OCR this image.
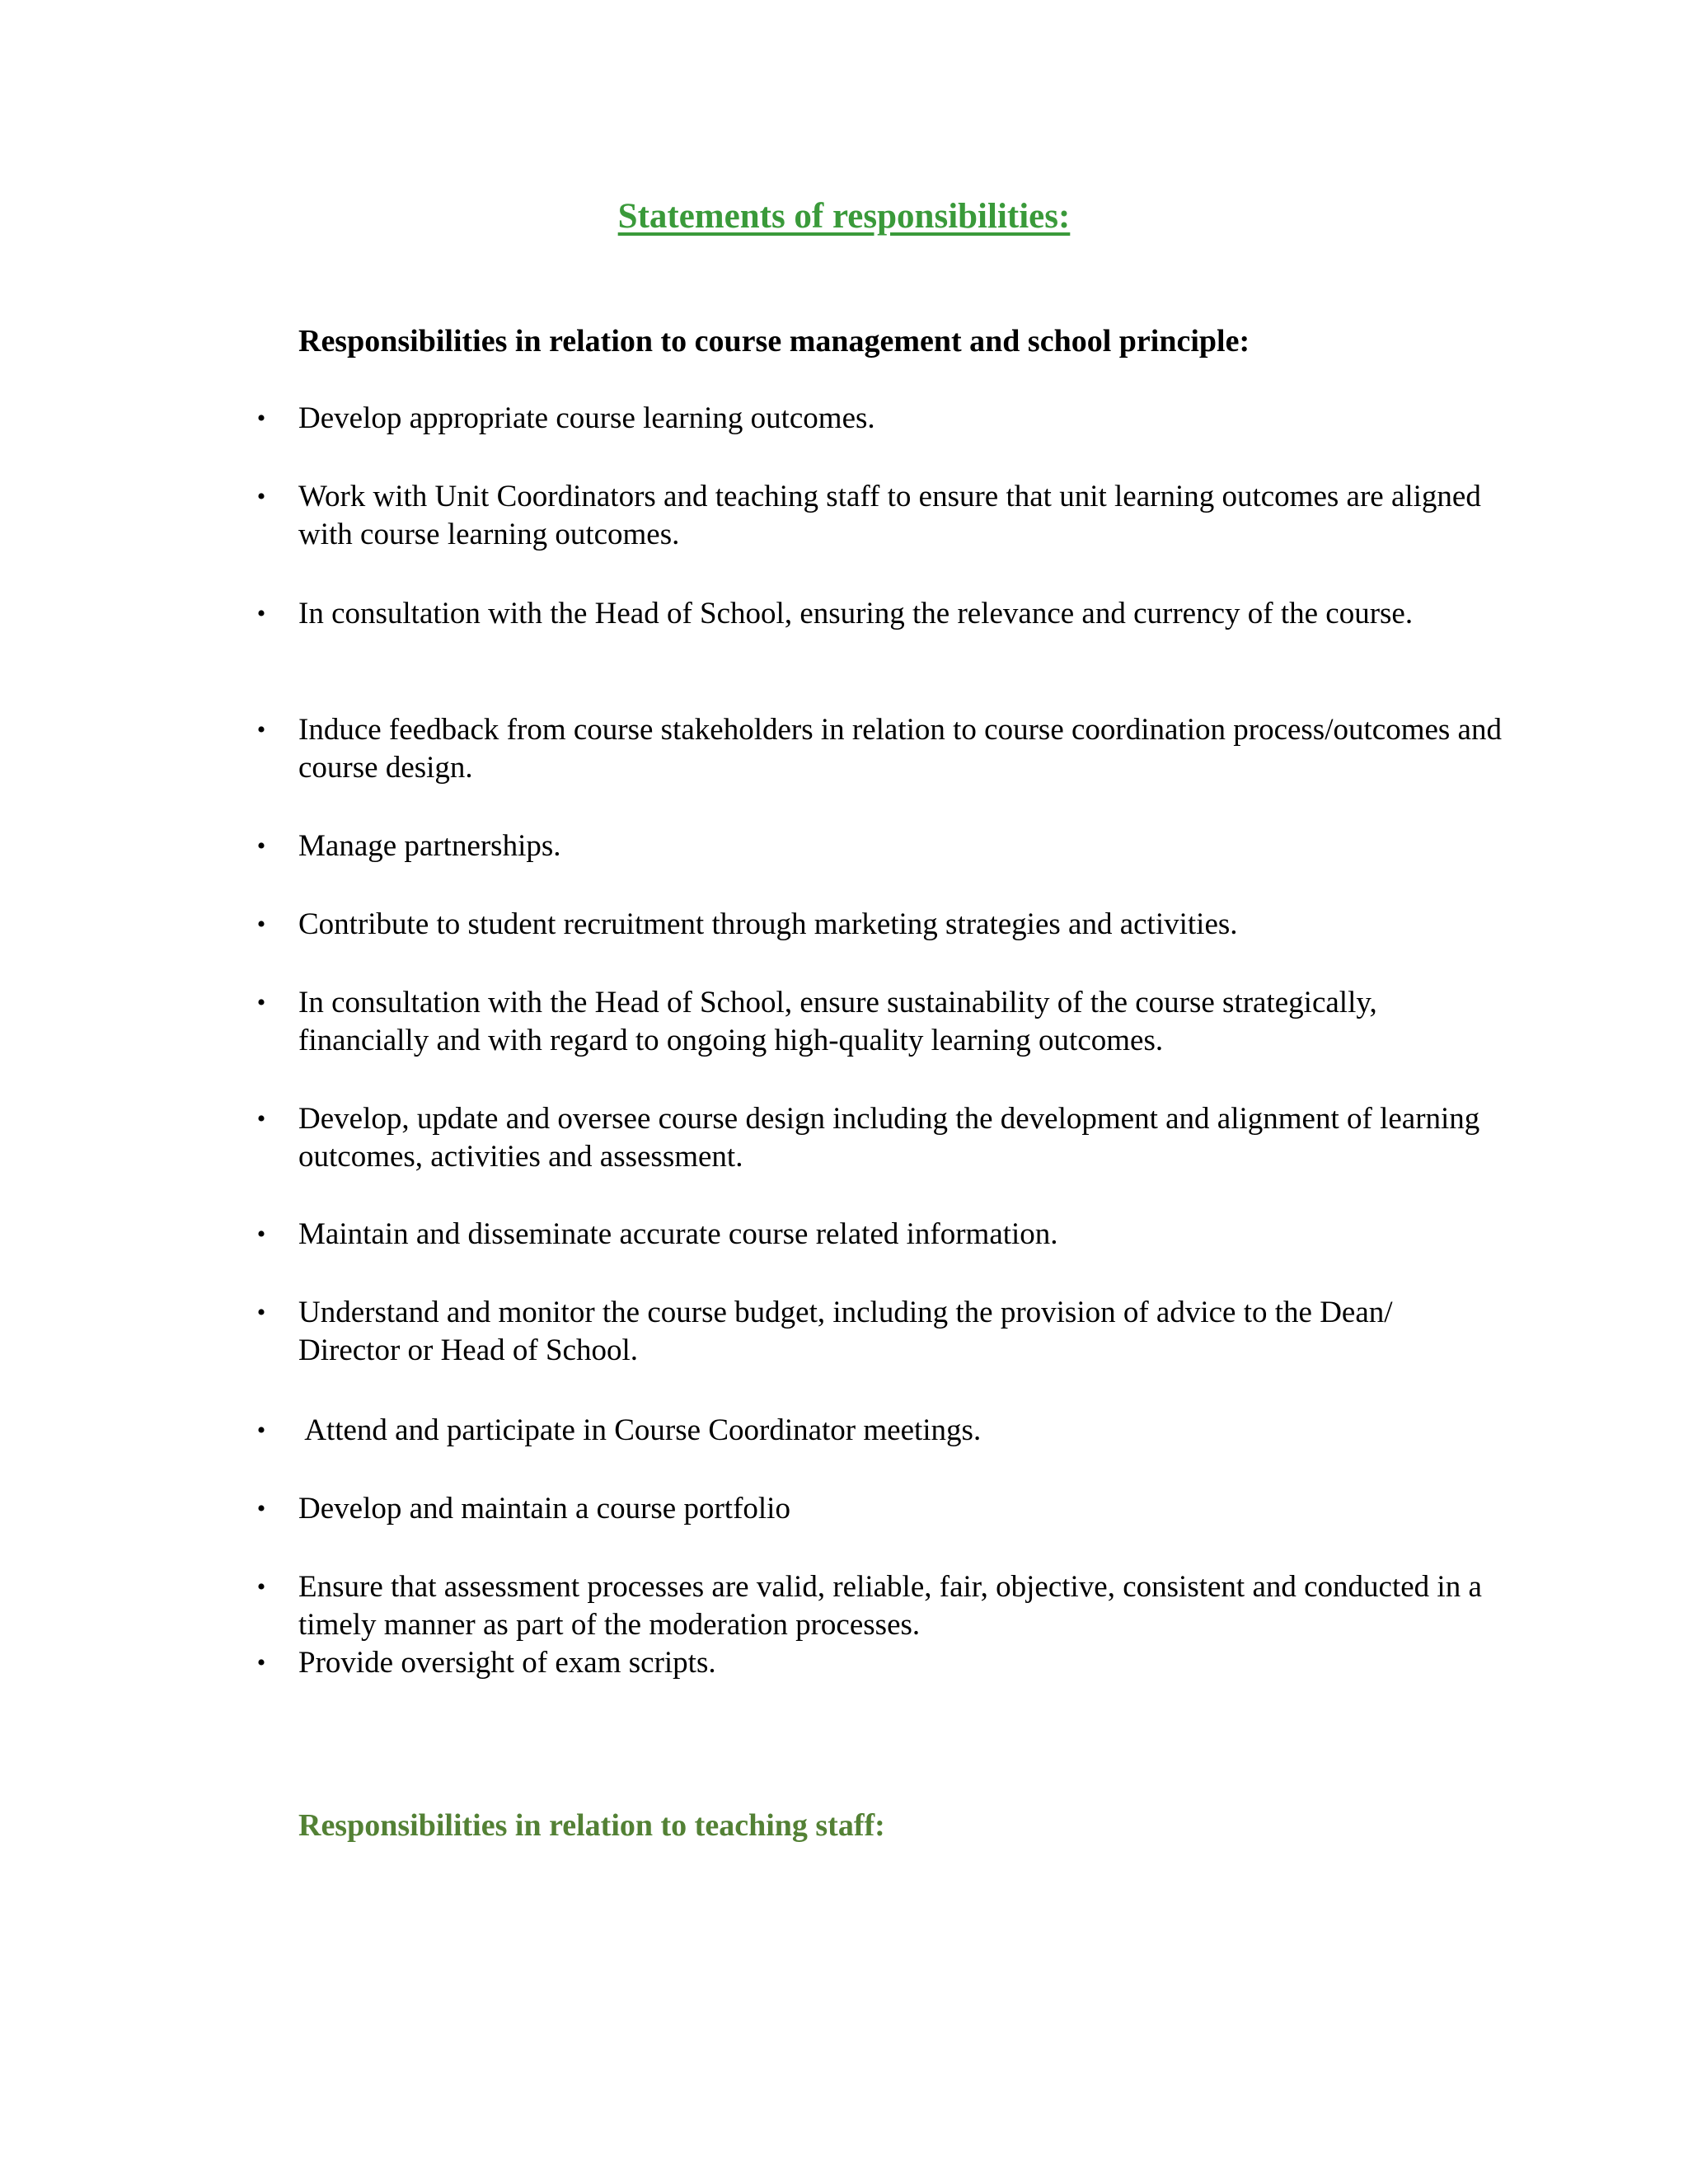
Statements of responsibilities:
Responsibilities in relation to course management and school principle:
• Develop appropriate course learning outcomes.
• Work with Unit Coordinators and teaching staff to ensure that unit learning outcomes are aligned with course learning outcomes.
• In consultation with the Head of School, ensuring the relevance and currency of the course.
• Induce feedback from course stakeholders in relation to course coordination process/outcomes and course design.
• Manage partnerships.
• Contribute to student recruitment through marketing strategies and activities.
• In consultation with the Head of School, ensure sustainability of the course strategically, financially and with regard to ongoing high-quality learning outcomes.
• Develop, update and oversee course design including the development and alignment of learning outcomes, activities and assessment.
• Maintain and disseminate accurate course related information.
• Understand and monitor the course budget, including the provision of advice to the Dean/ Director or Head of School.
• Attend and participate in Course Coordinator meetings.
• Develop and maintain a course portfolio
• Ensure that assessment processes are valid, reliable, fair, objective, consistent and conducted in a timely manner as part of the moderation processes.
• Provide oversight of exam scripts.
Responsibilities in relation to teaching staff:
